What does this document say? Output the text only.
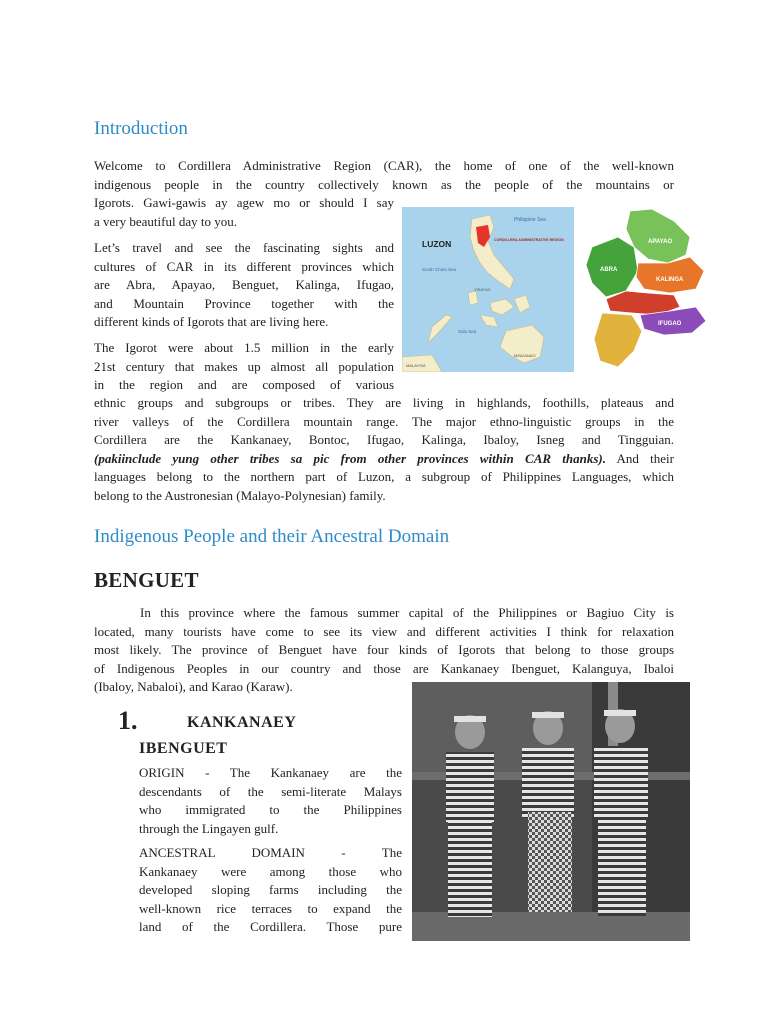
Introduction
Welcome to Cordillera Administrative Region (CAR), the home of one of the well-known
indigenous people in the country collectively known as the people of the mountains or
Igorots. Gawi-gawis ay agew mo or should I say
a very beautiful day to you.
Let’s travel and see the fascinating sights and
cultures of CAR in its different provinces which
are Abra, Apayao, Benguet, Kalinga, Ifugao,
and Mountain Province together with the
different kinds of Igorots that are living here.
The Igorot were about 1.5 million in the early
21st century that makes up almost all population
in the region and are composed of various
ethnic groups and subgroups or tribes. They are living in highlands, foothills, plateaus and
river valleys of the Cordillera mountain range. The major ethno-linguistic groups in the
Cordillera are the Kankanaey, Bontoc, Ifugao, Kalinga, Ibaloy, Isneg and Tingguian.
(pakiinclude yung other tribes sa pic from other provinces within CAR thanks). And their
languages belong to the northern part of Luzon, a subgroup of Philippines Languages, which
belong to the Austronesian (Malayo-Polynesian) family.
LUZON
Philippine Sea
CORDILLERA ADMINISTRATIVE REGION
South China Sea
VISAYAS
Sulu Sea
MINDANAO
MALAYSIA
ABRA
APAYAO
KALINGA
IFUGAO
Indigenous People and their Ancestral Domain
BENGUET
In this province where the famous summer capital of the Philippines or Bagiuo City is
located, many tourists have come to see its view and different activities I think for relaxation
most likely. The province of Benguet have four kinds of Igorots that belong to those groups
of Indigenous Peoples in our country and those are Kankanaey Ibenguet, Kalanguya, Ibaloi
(Ibaloy, Nabaloi), and Karao (Karaw).
1.	KANKANAEY
IBENGUET
ORIGIN - The Kankanaey are the
descendants of the semi-literate Malays
who immigrated to the Philippines
through the Lingayen gulf.
ANCESTRAL DOMAIN - The
Kankanaey were among those who
developed sloping farms including the
well-known rice terraces to expand the
land of the Cordillera. Those pure
